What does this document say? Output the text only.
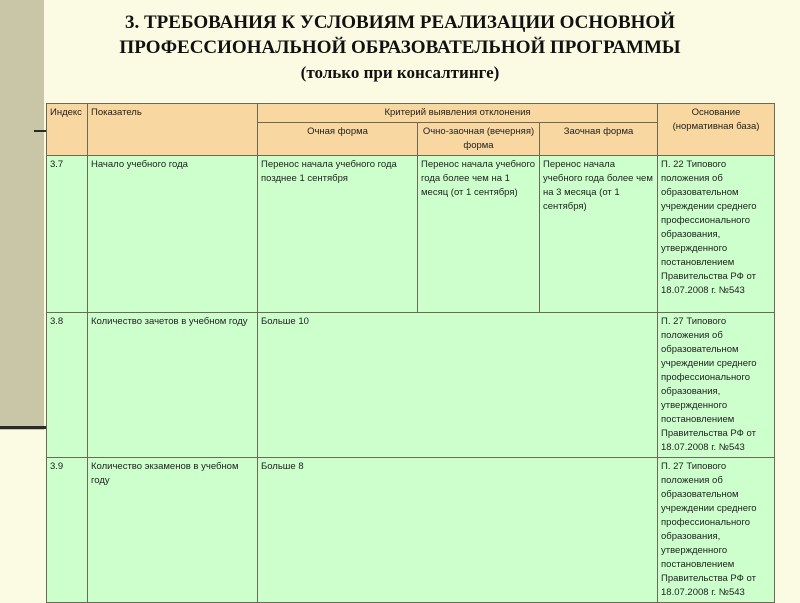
3. ТРЕБОВАНИЯ К УСЛОВИЯМ РЕАЛИЗАЦИИ ОСНОВНОЙ
ПРОФЕССИОНАЛЬНОЙ ОБРАЗОВАТЕЛЬНОЙ ПРОГРАММЫ
(только при консалтинге)
Индекс	Показатель	Критерий выявления отклонения			Основание (нормативная база)
		Очная форма	Очно-заочная (вечерняя) форма	Заочная форма	
3.7	Начало учебного года	Перенос начала учебного года позднее 1 сентября	Перенос начала учебного года более чем на 1 месяц (от 1 сентября)	Перенос начала учебного года более чем на 3 месяца (от 1 сентября)	П. 22 Типового положения об образовательном учреждении среднего профессионального образования, утвержденного постановлением Правительства РФ от 18.07.2008 г. №543
3.8	Количество зачетов в учебном году	Больше 10			П. 27 Типового положения об образовательном учреждении среднего профессионального образования, утвержденного постановлением Правительства РФ от 18.07.2008 г. №543
3.9	Количество экзаменов в учебном году	Больше 8			П. 27 Типового положения об образовательном учреждении среднего профессионального образования, утвержденного постановлением Правительства РФ от 18.07.2008 г. №543
